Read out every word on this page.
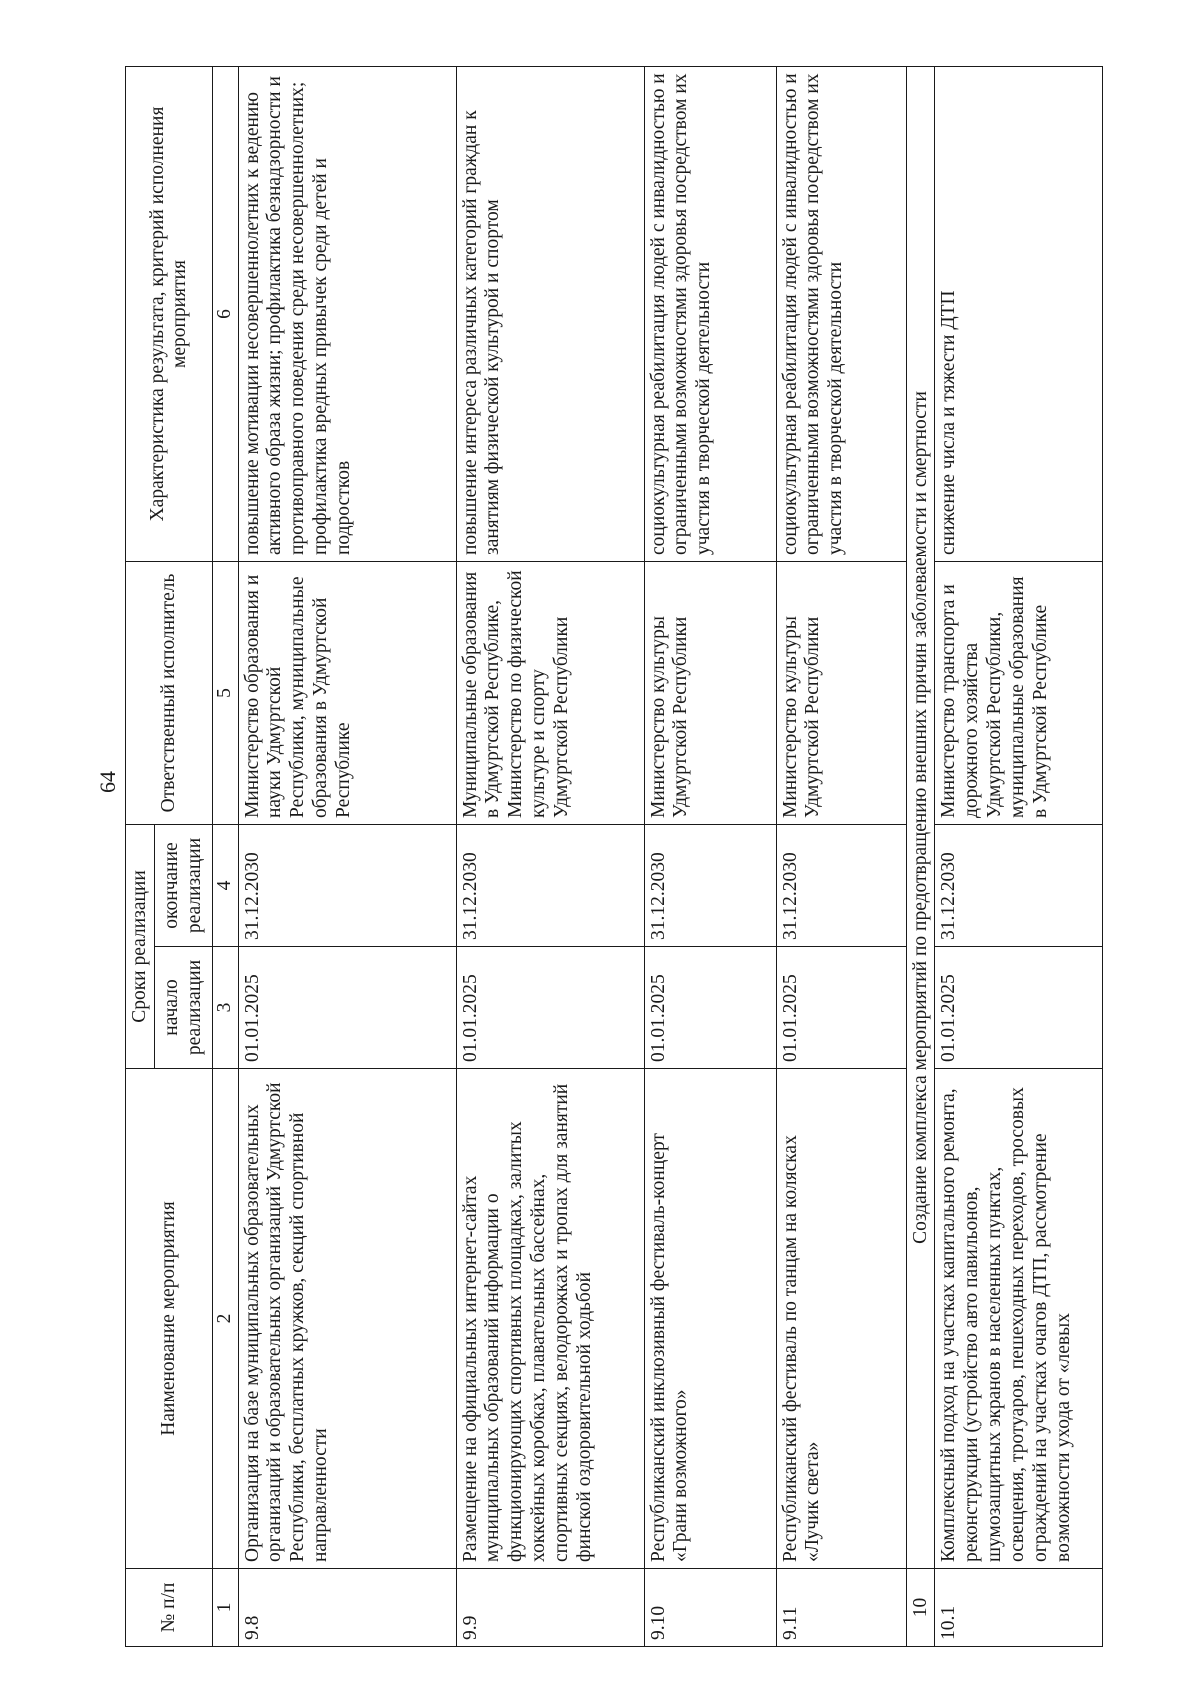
64
№ п/п	Наименование мероприятия	Сроки реализации		Ответственный исполнитель	Характеристика результата, критерий исполнения мероприятия
		начало реализации	окончание реализации		
1	2	3	4	5	6
9.8	Организация на базе муниципальных образовательных организаций и образовательных организаций Удмуртской Республики, бесплатных кружков, секций спортивной направленности	01.01.2025	31.12.2030	Министерство образования и науки Удмуртской Республики, муниципальные образования в Удмуртской Республике	повышение мотивации несовершеннолетних к ведению активного образа жизни; профилактика безнадзорности и противоправного поведения среди несовершеннолетних; профилактика вредных привычек среди детей и подростков
9.9	Размещение на официальных интернет-сайтах муниципальных образований информации о функционирующих спортивных площадках, залитых хоккейных коробках, плавательных бассейнах, спортивных секциях, велодорожках и тропах для занятий финской оздоровительной ходьбой	01.01.2025	31.12.2030	Муниципальные образования в Удмуртской Республике, Министерство по физической культуре и спорту Удмуртской Республики	повышение интереса различных категорий граждан к занятиям физической культурой и спортом
9.10	Республиканский инклюзивный фестиваль-концерт «Грани возможного»	01.01.2025	31.12.2030	Министерство культуры Удмуртской Республики	социокультурная реабилитация людей с инвалидностью и ограниченными возможностями здоровья посредством их участия в творческой деятельности
9.11	Республиканский фестиваль по танцам на колясках «Лучик света»	01.01.2025	31.12.2030	Министерство культуры Удмуртской Республики	социокультурная реабилитация людей с инвалидностью и ограниченными возможностями здоровья посредством их участия в творческой деятельности
10	Создание комплекса мероприятий по предотвращению внешних причин заболеваемости и смертности				
10.1	Комплексный подход на участках капитального ремонта, реконструкции (устройство авто павильонов, шумозащитных экранов в населенных пунктах, освещения, тротуаров, пешеходных переходов, тросовых ограждений на участках очагов ДТП, рассмотрение возможности ухода от «левых	01.01.2025	31.12.2030	Министерство транспорта и дорожного хозяйства Удмуртской Республики, муниципальные образования в Удмуртской Республике	снижение числа и тяжести ДТП
